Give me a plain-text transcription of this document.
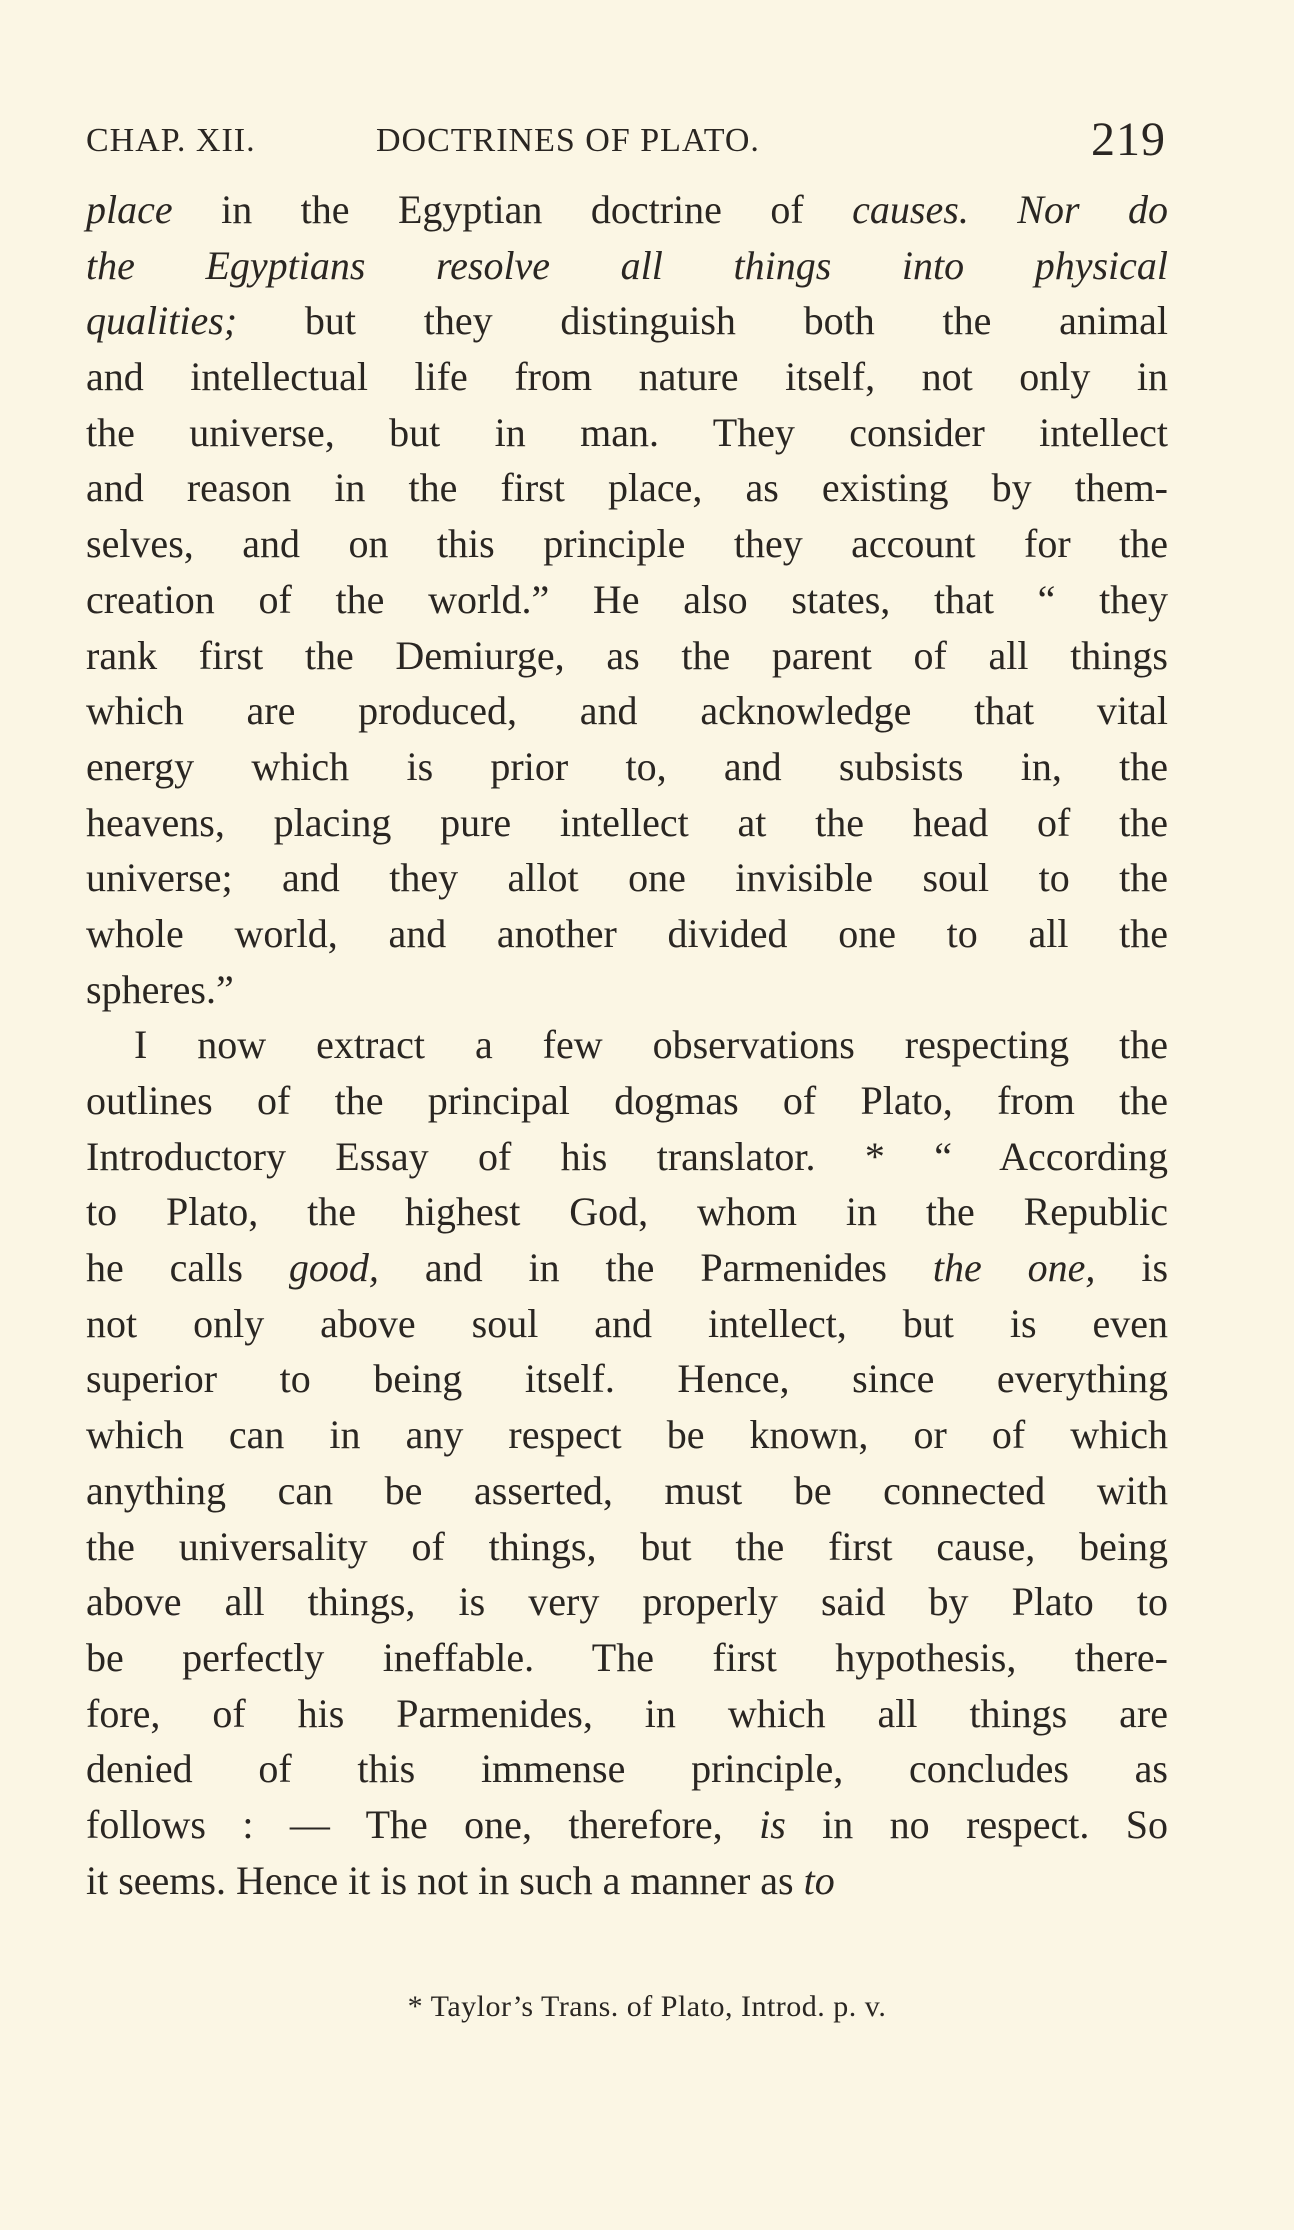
CHAP. XII.	DOCTRINES OF PLATO.	219
place in the Egyptian doctrine of causes. Nor do
the Egyptians resolve all things into physical
qualities; but they distinguish both the animal
and intellectual life from nature itself, not only in
the universe, but in man. They consider intellect
and reason in the first place, as existing by them-
selves, and on this principle they account for the
creation of the world.” He also states, that “ they
rank first the Demiurge, as the parent of all things
which are produced, and acknowledge that vital
energy which is prior to, and subsists in, the
heavens, placing pure intellect at the head of the
universe; and they allot one invisible soul to the
whole world, and another divided one to all the
spheres.”
I now extract a few observations respecting the
outlines of the principal dogmas of Plato, from the
Introductory Essay of his translator. * “ According
to Plato, the highest God, whom in the Republic
he calls good, and in the Parmenides the one, is
not only above soul and intellect, but is even
superior to being itself. Hence, since everything
which can in any respect be known, or of which
anything can be asserted, must be connected with
the universality of things, but the first cause, being
above all things, is very properly said by Plato to
be perfectly ineffable. The first hypothesis, there-
fore, of his Parmenides, in which all things are
denied of this immense principle, concludes as
follows : — The one, therefore, is in no respect. So
it seems. Hence it is not in such a manner as to
* Taylor’s Trans. of Plato, Introd. p. v.
